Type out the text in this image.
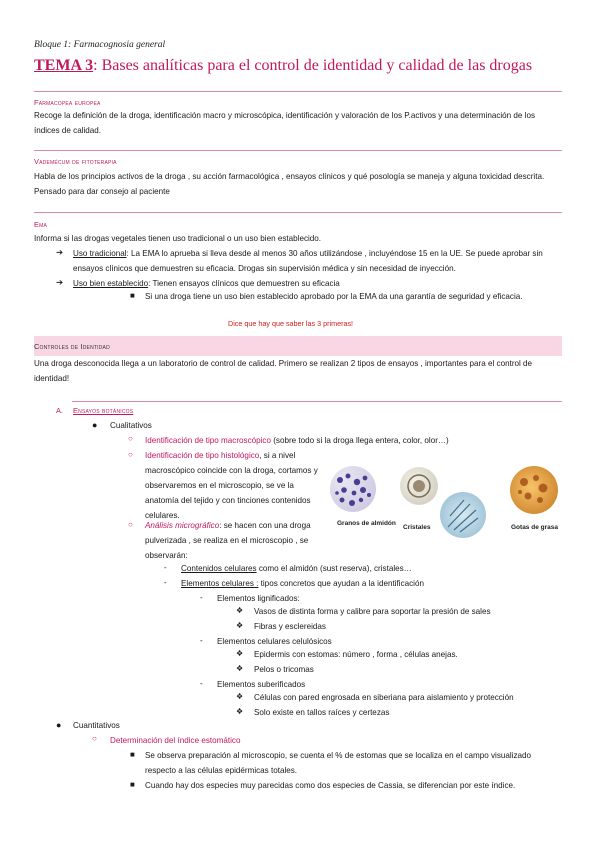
Bloque 1: Farmacognosia general
TEMA 3: Bases analíticas para el control de identidad y calidad de las drogas
Farmacopea europea
Recoge la definición de la droga, identificación macro y microscópica, identificación y valoración de los P.activos y una determinación de los índices de calidad.
Vademécum de fitoterapia
Habla de los principios activos de la droga , su acción farmacológica , ensayos clínicos y qué posología se maneja y alguna toxicidad descrita. Pensado para dar consejo al paciente
Ema
Informa si las drogas vegetales tienen uso tradicional o un uso bien establecido.
➔ Uso tradicional: La EMA lo aprueba si lleva desde al menos 30 años utilizándose , incluyéndose 15 en la UE. Se puede aprobar sin ensayos clínicos que demuestren su eficacia. Drogas sin supervisión médica y sin necesidad de inyección.
➔ Uso bien establecido: Tienen ensayos clínicos que demuestren su eficacia
■ Si una droga tiene un uso bien establecido aprobado por la EMA da una garantía de seguridad y eficacia.
Dice que hay que saber las 3 primeras!
Controles de Identidad
Una droga desconocida llega a un laboratorio de control de calidad. Primero se realizan 2 tipos de ensayos , importantes para el control de identidad!
A. Ensayos botánicos
● Cualitativos
○ Identificación de tipo macroscópico (sobre todo si la droga llega entera, color, olor…)
○ Identificación de tipo histológico, si a nivel macroscópico coincide con la droga, cortamos y observaremos en el microscopio, se ve la anatomía del tejido y con tinciones contenidos celulares.
○ Análisis micrográfico: se hacen con una droga pulverizada , se realiza en el microscopio , se observarán:
Granos de almidón
Cristales	Gotas de grasa
- Contenidos celulares como el almidón (sust reserva), cristales…
- Elementos celulares : tipos concretos que ayudan a la identificación
- Elementos lignificados:
❖ Vasos de distinta forma y calibre para soportar la presión de sales
❖ Fibras y esclereidas
- Elementos celulares celulósicos
❖ Epidermis con estomas: número , forma , células anejas.
❖ Pelos o tricomas
- Elementos suberificados
❖ Células con pared engrosada en siberiana para aislamiento y protección
❖ Solo existe en tallos raíces y certezas
● Cuantitativos
○ Determinación del índice estomático
■ Se observa preparación al microscopio, se cuenta el % de estomas que se localiza en el campo visualizado respecto a las células epidérmicas totales.
■ Cuando hay dos especies muy parecidas como dos especies de Cassia, se diferencian por este índice.
